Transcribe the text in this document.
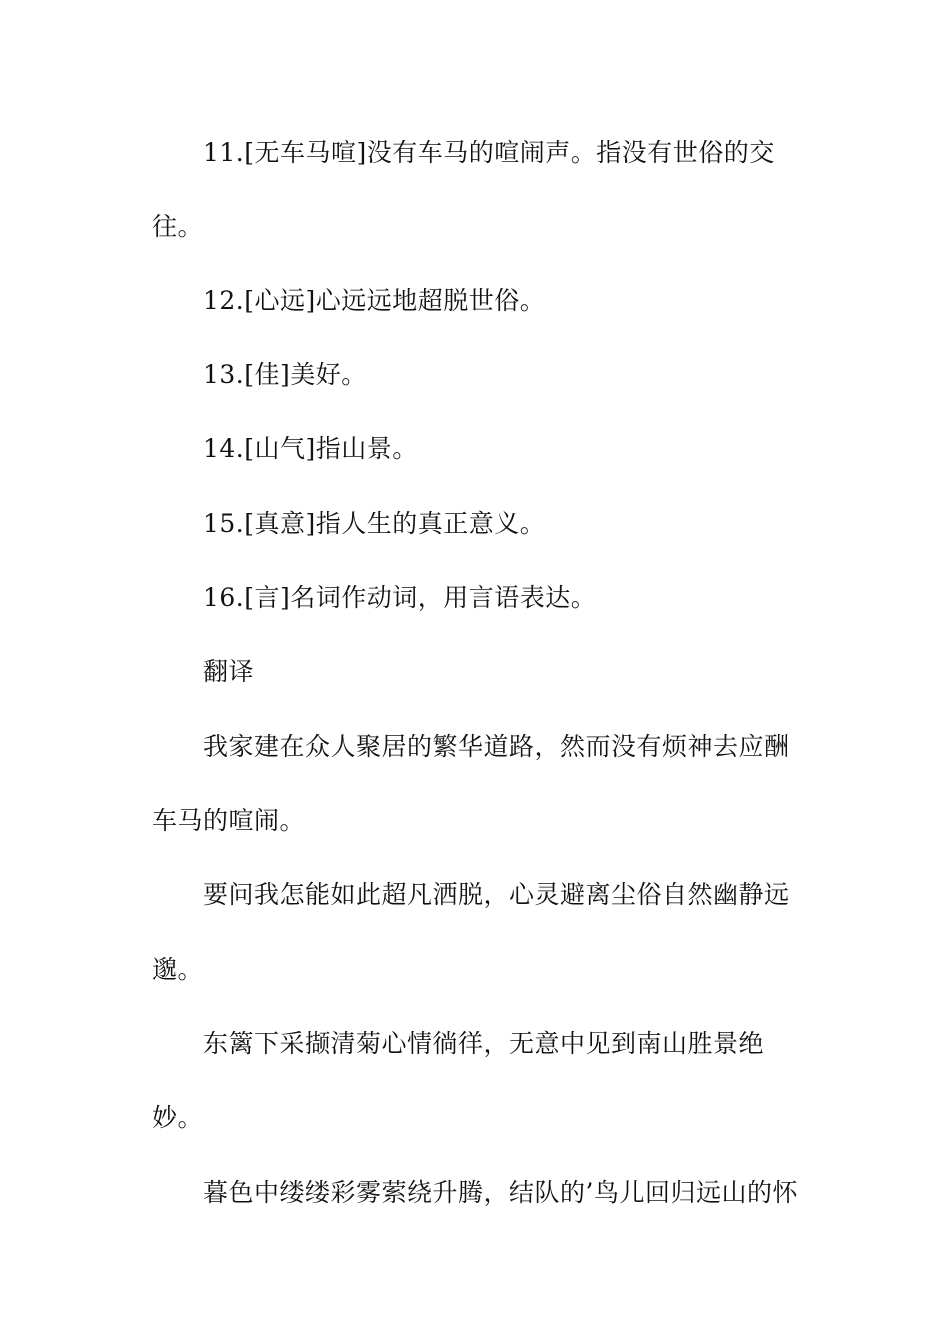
11.[无车马喧]没有车马的喧闹声。指没有世俗的交
往。
12.[心远]心远远地超脱世俗。
13.[佳]美好。
14.[山气]指山景。
15.[真意]指人生的真正意义。
16.[言]名词作动词，用言语表达。
翻译
我家建在众人聚居的繁华道路，然而没有烦神去应酬
车马的喧闹。
要问我怎能如此超凡洒脱，心灵避离尘俗自然幽静远
邈。
东篱下采撷清菊心情徜徉，无意中见到南山胜景绝
妙。
暮色中缕缕彩雾萦绕升腾，结队的’鸟儿回归远山的怀
